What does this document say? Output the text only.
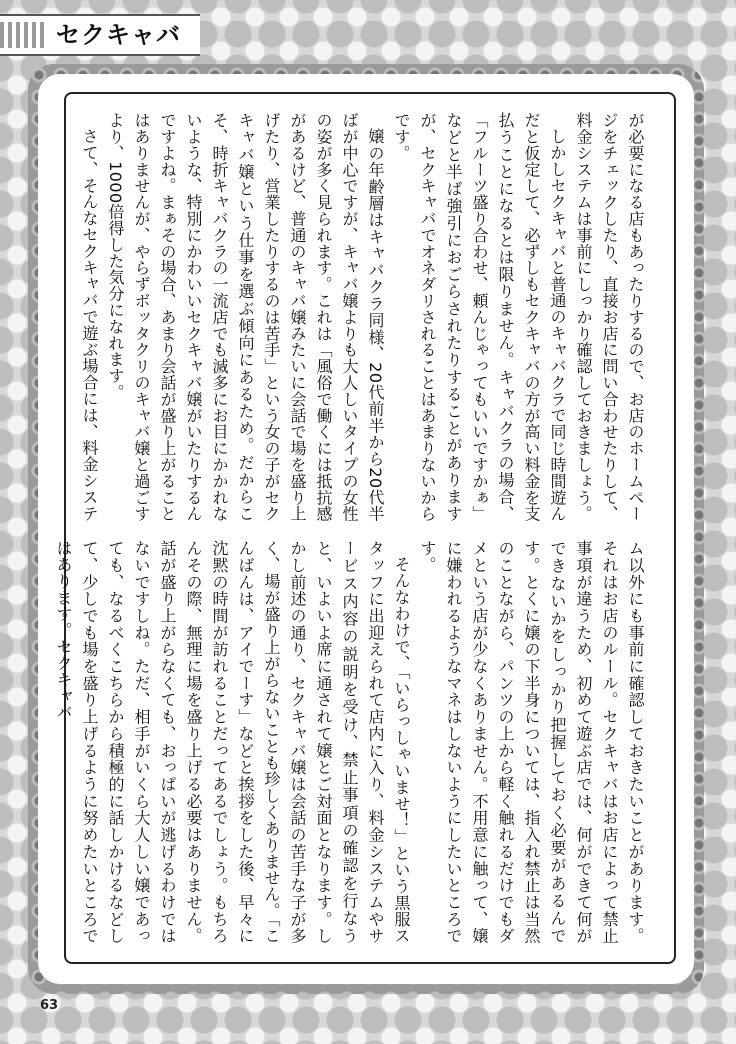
セクキャバ

が必要になる店もあったりするので、お店のホームページをチェックしたり、直接お店に問い合わせたりして、料金システムは事前にしっかり確認しておきましょう。

しかしセクキャバと普通のキャバクラで同じ時間遊んだと仮定して、必ずしもセクキャバの方が高い料金を支払うことになるとは限りません。キャバクラの場合、「フルーツ盛り合わせ、頼んじゃってもいいですかぁ」などと半ば強引におごらされたりすることがありますが、セクキャバでオネダリされることはあまりないからです。

嬢の年齢層はキャバクラ同様、20代前半から20代半ばが中心ですが、キャバ嬢よりも大人しいタイプの女性の姿が多く見られます。これは「風俗で働くには抵抗感があるけど、普通のキャバ嬢みたいに会話で場を盛り上げたり、営業したりするのは苦手」という女の子がセクキャバ嬢という仕事を選ぶ傾向にあるため。だからこそ、時折キャバクラの一流店でも滅多にお目にかかれないような、特別にかわいいセクキャバ嬢がいたりするんですよね。まぁその場合、あまり会話が盛り上がることはありませんが、やらずボッタクリのキャバ嬢と過ごすより、1000倍得した気分になれます。

さて、そんなセクキャバで遊ぶ場合には、料金システ

ム以外にも事前に確認しておきたいことがあります。それはお店のルール。セクキャバはお店によって禁止事項が違うため、初めて遊ぶ店では、何ができて何ができないかをしっかり把握しておく必要があるんです。とくに嬢の下半身については、指入れ禁止は当然のことながら、パンツの上から軽く触れるだけでもダメという店が少なくありません。不用意に触って、嬢に嫌われるようなマネはしないようにしたいところです。

そんなわけで、「いらっしゃいませ！」という黒服スタッフに出迎えられて店内に入り、料金システムやサービス内容の説明を受け、禁止事項の確認を行なうと、いよいよ席に通されて嬢とご対面となります。しかし前述の通り、セクキャバ嬢は会話の苦手な子が多く、場が盛り上がらないことも珍しくありません。「こんばんは、アイでーす」などと挨拶をした後、早々に沈黙の時間が訪れることだってあるでしょう。もちろんその際、無理に場を盛り上げる必要はありません。話が盛り上がらなくても、おっぱいが逃げるわけではないですしね。ただ、相手がいくら大人しい嬢であっても、なるべくこちらから積極的に話しかけるなどして、少しでも場を盛り上げるように努めたいところではあります。セクキャバ

63
